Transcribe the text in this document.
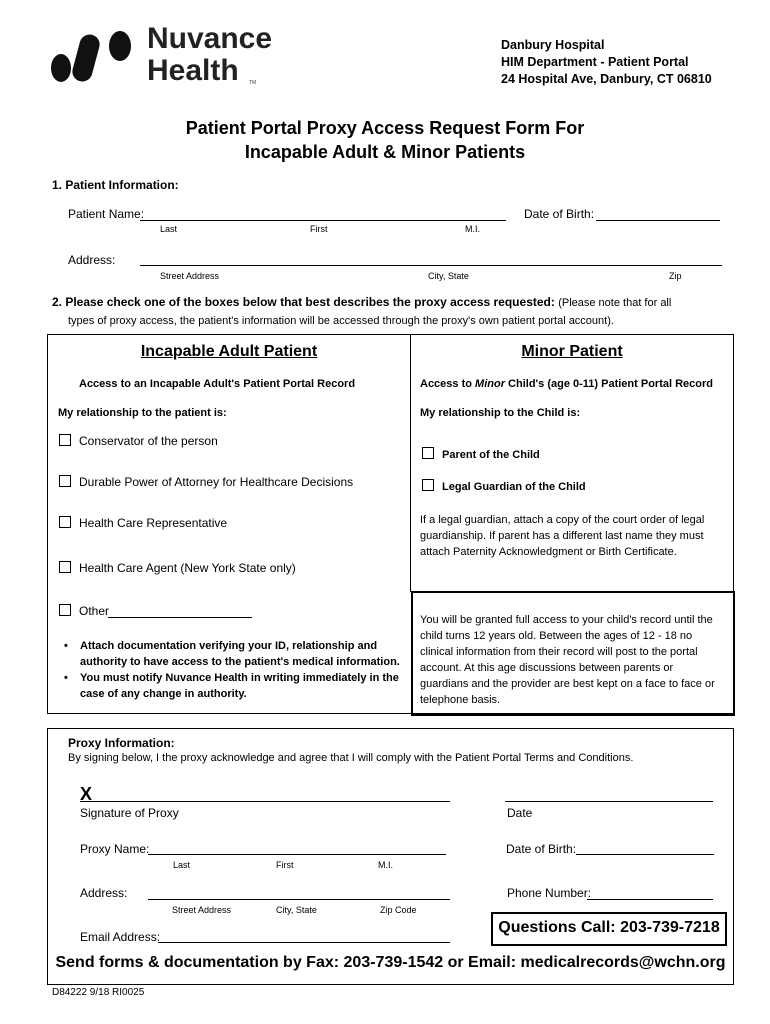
Nuvance
Health TM
Danbury Hospital
HIM Department - Patient Portal
24 Hospital Ave, Danbury, CT 06810
Patient Portal Proxy Access Request Form For
Incapable Adult & Minor Patients
1. Patient Information:
Patient Name:
Last	First	M.I.
Date of Birth:
Address:
Street Address	City, State	Zip
2. Please check one of the boxes below that best describes the proxy access requested: (Please note that for all
types of proxy access, the patient's information will be accessed through the proxy's own patient portal account).
Incapable Adult Patient
Access to an Incapable Adult's Patient Portal Record
My relationship to the patient is:
Conservator of the person
Durable Power of Attorney for Healthcare Decisions
Health Care Representative
Health Care Agent (New York State only)
Other
• Attach documentation verifying your ID, relationship and
authority to have access to the patient's medical information.
• You must notify Nuvance Health in writing immediately in the
case of any change in authority.
Minor Patient
Access to Minor Child's (age 0-11) Patient Portal Record
My relationship to the Child is:
Parent of the Child
Legal Guardian of the Child
If a legal guardian, attach a copy of the court order of legal
guardianship. If parent has a different last name they must
attach Paternity Acknowledgment or Birth Certificate.
You will be granted full access to your child's record until the
child turns 12 years old. Between the ages of 12 - 18 no
clinical information from their record will post to the portal
account. At this age discussions between parents or
guardians and the provider are best kept on a face to face or
telephone basis.
Proxy Information:
By signing below, I the proxy acknowledge and agree that I will comply with the Patient Portal Terms and Conditions.
X
Signature of Proxy	Date
Proxy Name:
Last	First	M.I.
Date of Birth:
Address:
Street Address	City, State	Zip Code
Phone Number:
Questions Call: 203-739-7218
Email Address:
Send forms & documentation by Fax: 203-739-1542 or Email: medicalrecords@wchn.org
D84222 9/18 RI0025
